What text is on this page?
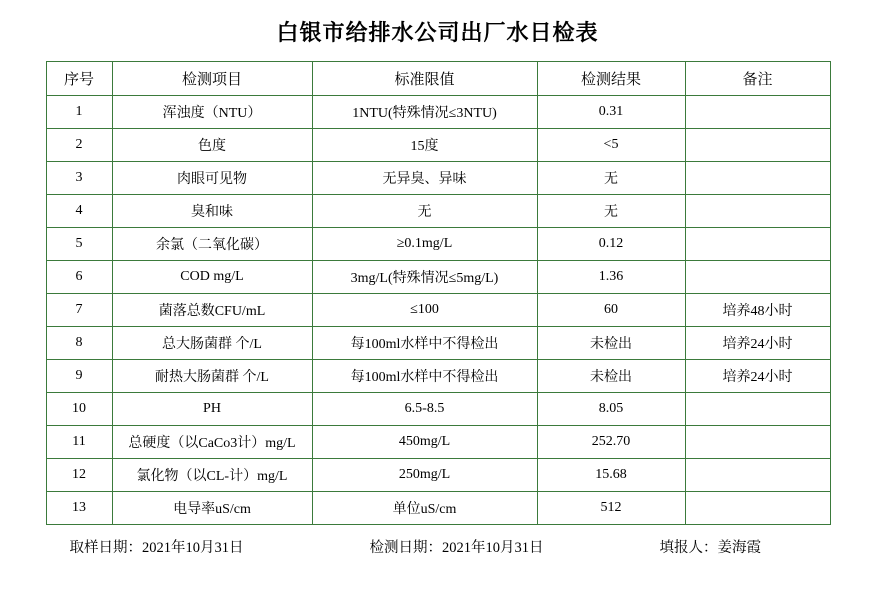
白银市给排水公司出厂水日检表
序号	检测项目	标准限值	检测结果	备注
1	浑浊度（NTU）	1NTU(特殊情况≤3NTU)	0.31	
2	色度	15度	<5	
3	肉眼可见物	无异臭、异味	无	
4	臭和味	无	无	
5	余氯（二氧化碳）	≥0.1mg/L	0.12	
6	COD mg/L	3mg/L(特殊情况≤5mg/L)	1.36	
7	菌落总数CFU/mL	≤100	60	培养48小时
8	总大肠菌群 个/L	每100ml水样中不得检出	未检出	培养24小时
9	耐热大肠菌群 个/L	每100ml水样中不得检出	未检出	培养24小时
10	PH	6.5-8.5	8.05	
11	总硬度（以CaCo3计）mg/L	450mg/L	252.70	
12	氯化物（以CL-计）mg/L	250mg/L	15.68	
13	电导率uS/cm	单位uS/cm	512	
取样日期：2021年10月31日	检测日期：2021年10月31日	填报人：姜海霞
